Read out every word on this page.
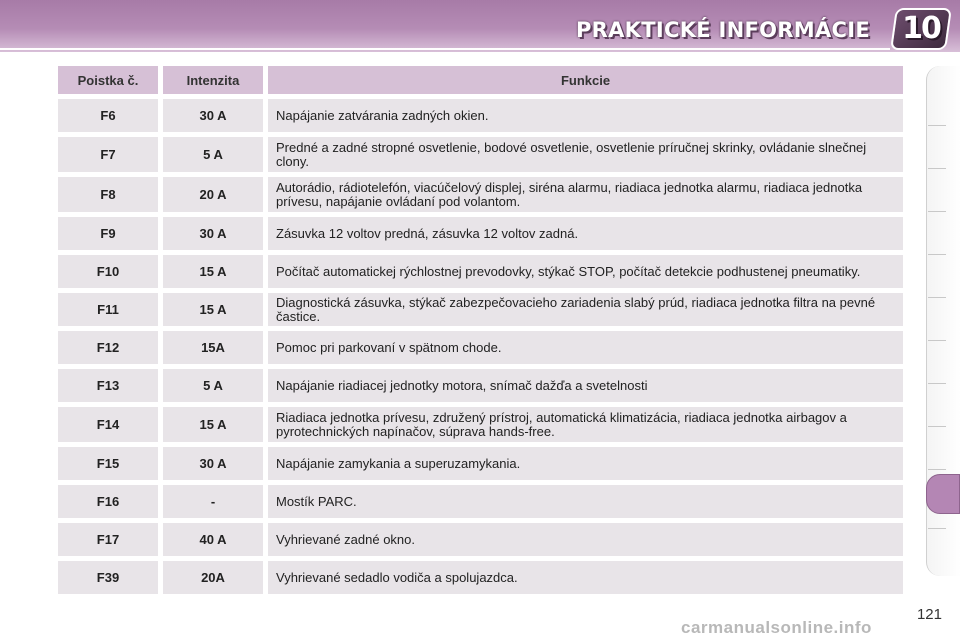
PRAKTICKÉ INFORMÁCIE	10
Poistka č.	Intenzita	Funkcie
F6	30 A	Napájanie zatvárania zadných okien.
F7	5 A	Predné a zadné stropné osvetlenie, bodové osvetlenie, osvetlenie príručnej skrinky, ovládanie slnečnej clony.
F8	20 A	Autorádio, rádiotelefón, viacúčelový displej, siréna alarmu, riadiaca jednotka alarmu, riadiaca jednotka prívesu, napájanie ovládaní pod volantom.
F9	30 A	Zásuvka 12 voltov predná, zásuvka 12 voltov zadná.
F10	15 A	Počítač automatickej rýchlostnej prevodovky, stýkač STOP, počítač detekcie podhustenej pneumatiky.
F11	15 A	Diagnostická zásuvka, stýkač zabezpečovacieho zariadenia slabý prúd, riadiaca jednotka filtra na pevné častice.
F12	15A	Pomoc pri parkovaní v spätnom chode.
F13	5 A	Napájanie riadiacej jednotky motora, snímač dažďa a svetelnosti
F14	15 A	Riadiaca jednotka prívesu, združený prístroj, automatická klimatizácia, riadiaca jednotka airbagov a pyrotechnických napínačov, súprava hands-free.
F15	30 A	Napájanie zamykania a superuzamykania.
F16	-	Mostík PARC.
F17	40 A	Vyhrievané zadné okno.
F39	20A	Vyhrievané sedadlo vodiča a spolujazdca.
121
carmanualsonline.info
